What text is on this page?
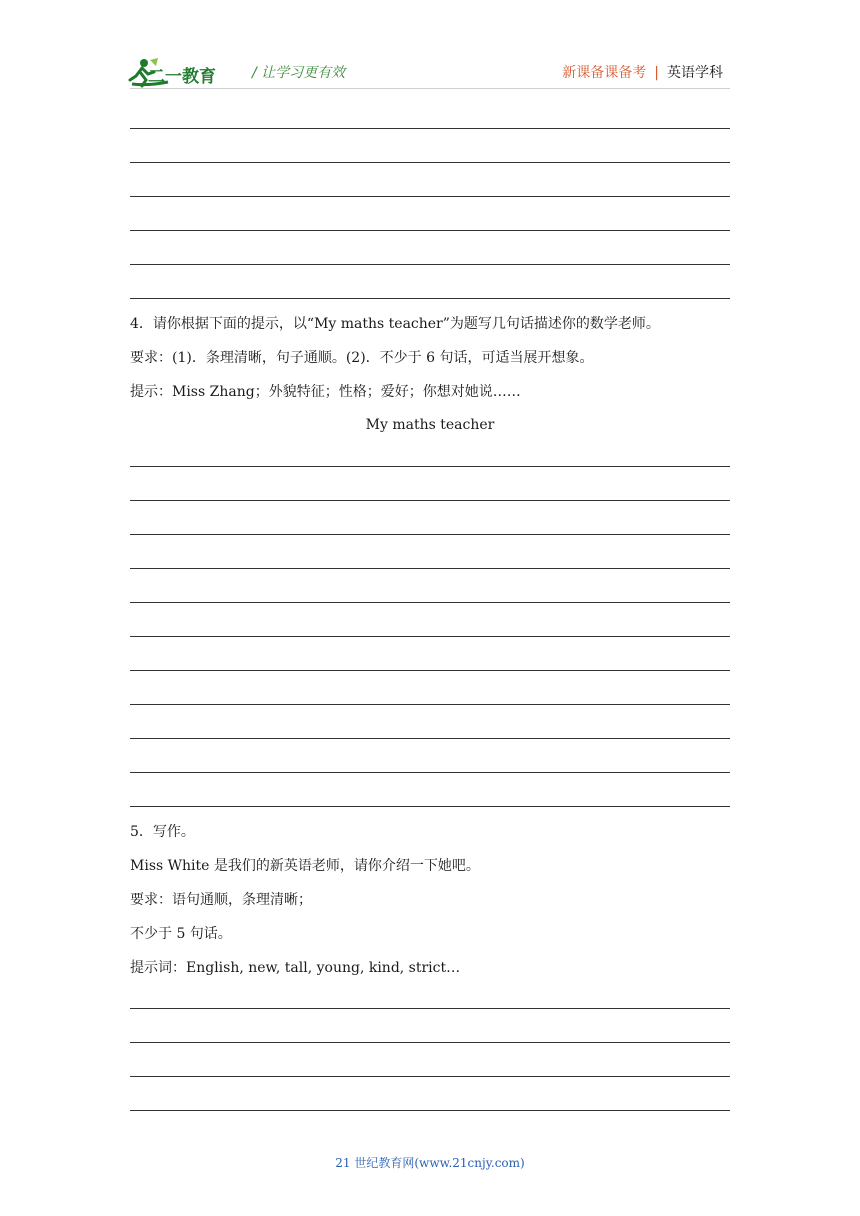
二一教育	/ 让学习更有效	新课备课备考 | 英语学科
4．请你根据下面的提示，以“My maths teacher”为题写几句话描述你的数学老师。
要求：(1)．条理清晰，句子通顺。(2)．不少于 6 句话，可适当展开想象。
提示：Miss Zhang；外貌特征；性格；爱好；你想对她说……
My maths teacher
5．写作。
Miss White 是我们的新英语老师，请你介绍一下她吧。
要求：语句通顺，条理清晰；
不少于 5 句话。
提示词：English, new, tall, young, kind, strict…
21 世纪教育网(www.21cnjy.com)
